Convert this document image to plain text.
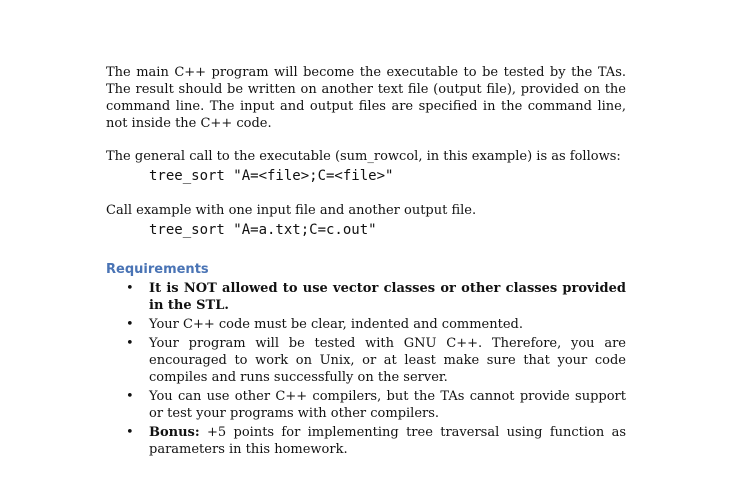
The main C++ program will become the executable to be tested by the TAs. The result should be written on another text file (output file), provided on the command line. The input and output files are specified in the command line, not inside the C++ code.

The general call to the executable (sum_rowcol, in this example) is as follows:

tree_sort "A=<file>;C=<file>"

Call example with one input file and another output file.

tree_sort "A=a.txt;C=c.out"
Requirements
• It is NOT allowed to use vector classes or other classes provided in the STL.
• Your C++ code must be clear, indented and commented.
• Your program will be tested with GNU C++. Therefore, you are encouraged to work on Unix, or at least make sure that your code compiles and runs successfully on the server.
• You can use other C++ compilers, but the TAs cannot provide support or test your programs with other compilers.
• Bonus: +5 points for implementing tree traversal using function as parameters in this homework.
